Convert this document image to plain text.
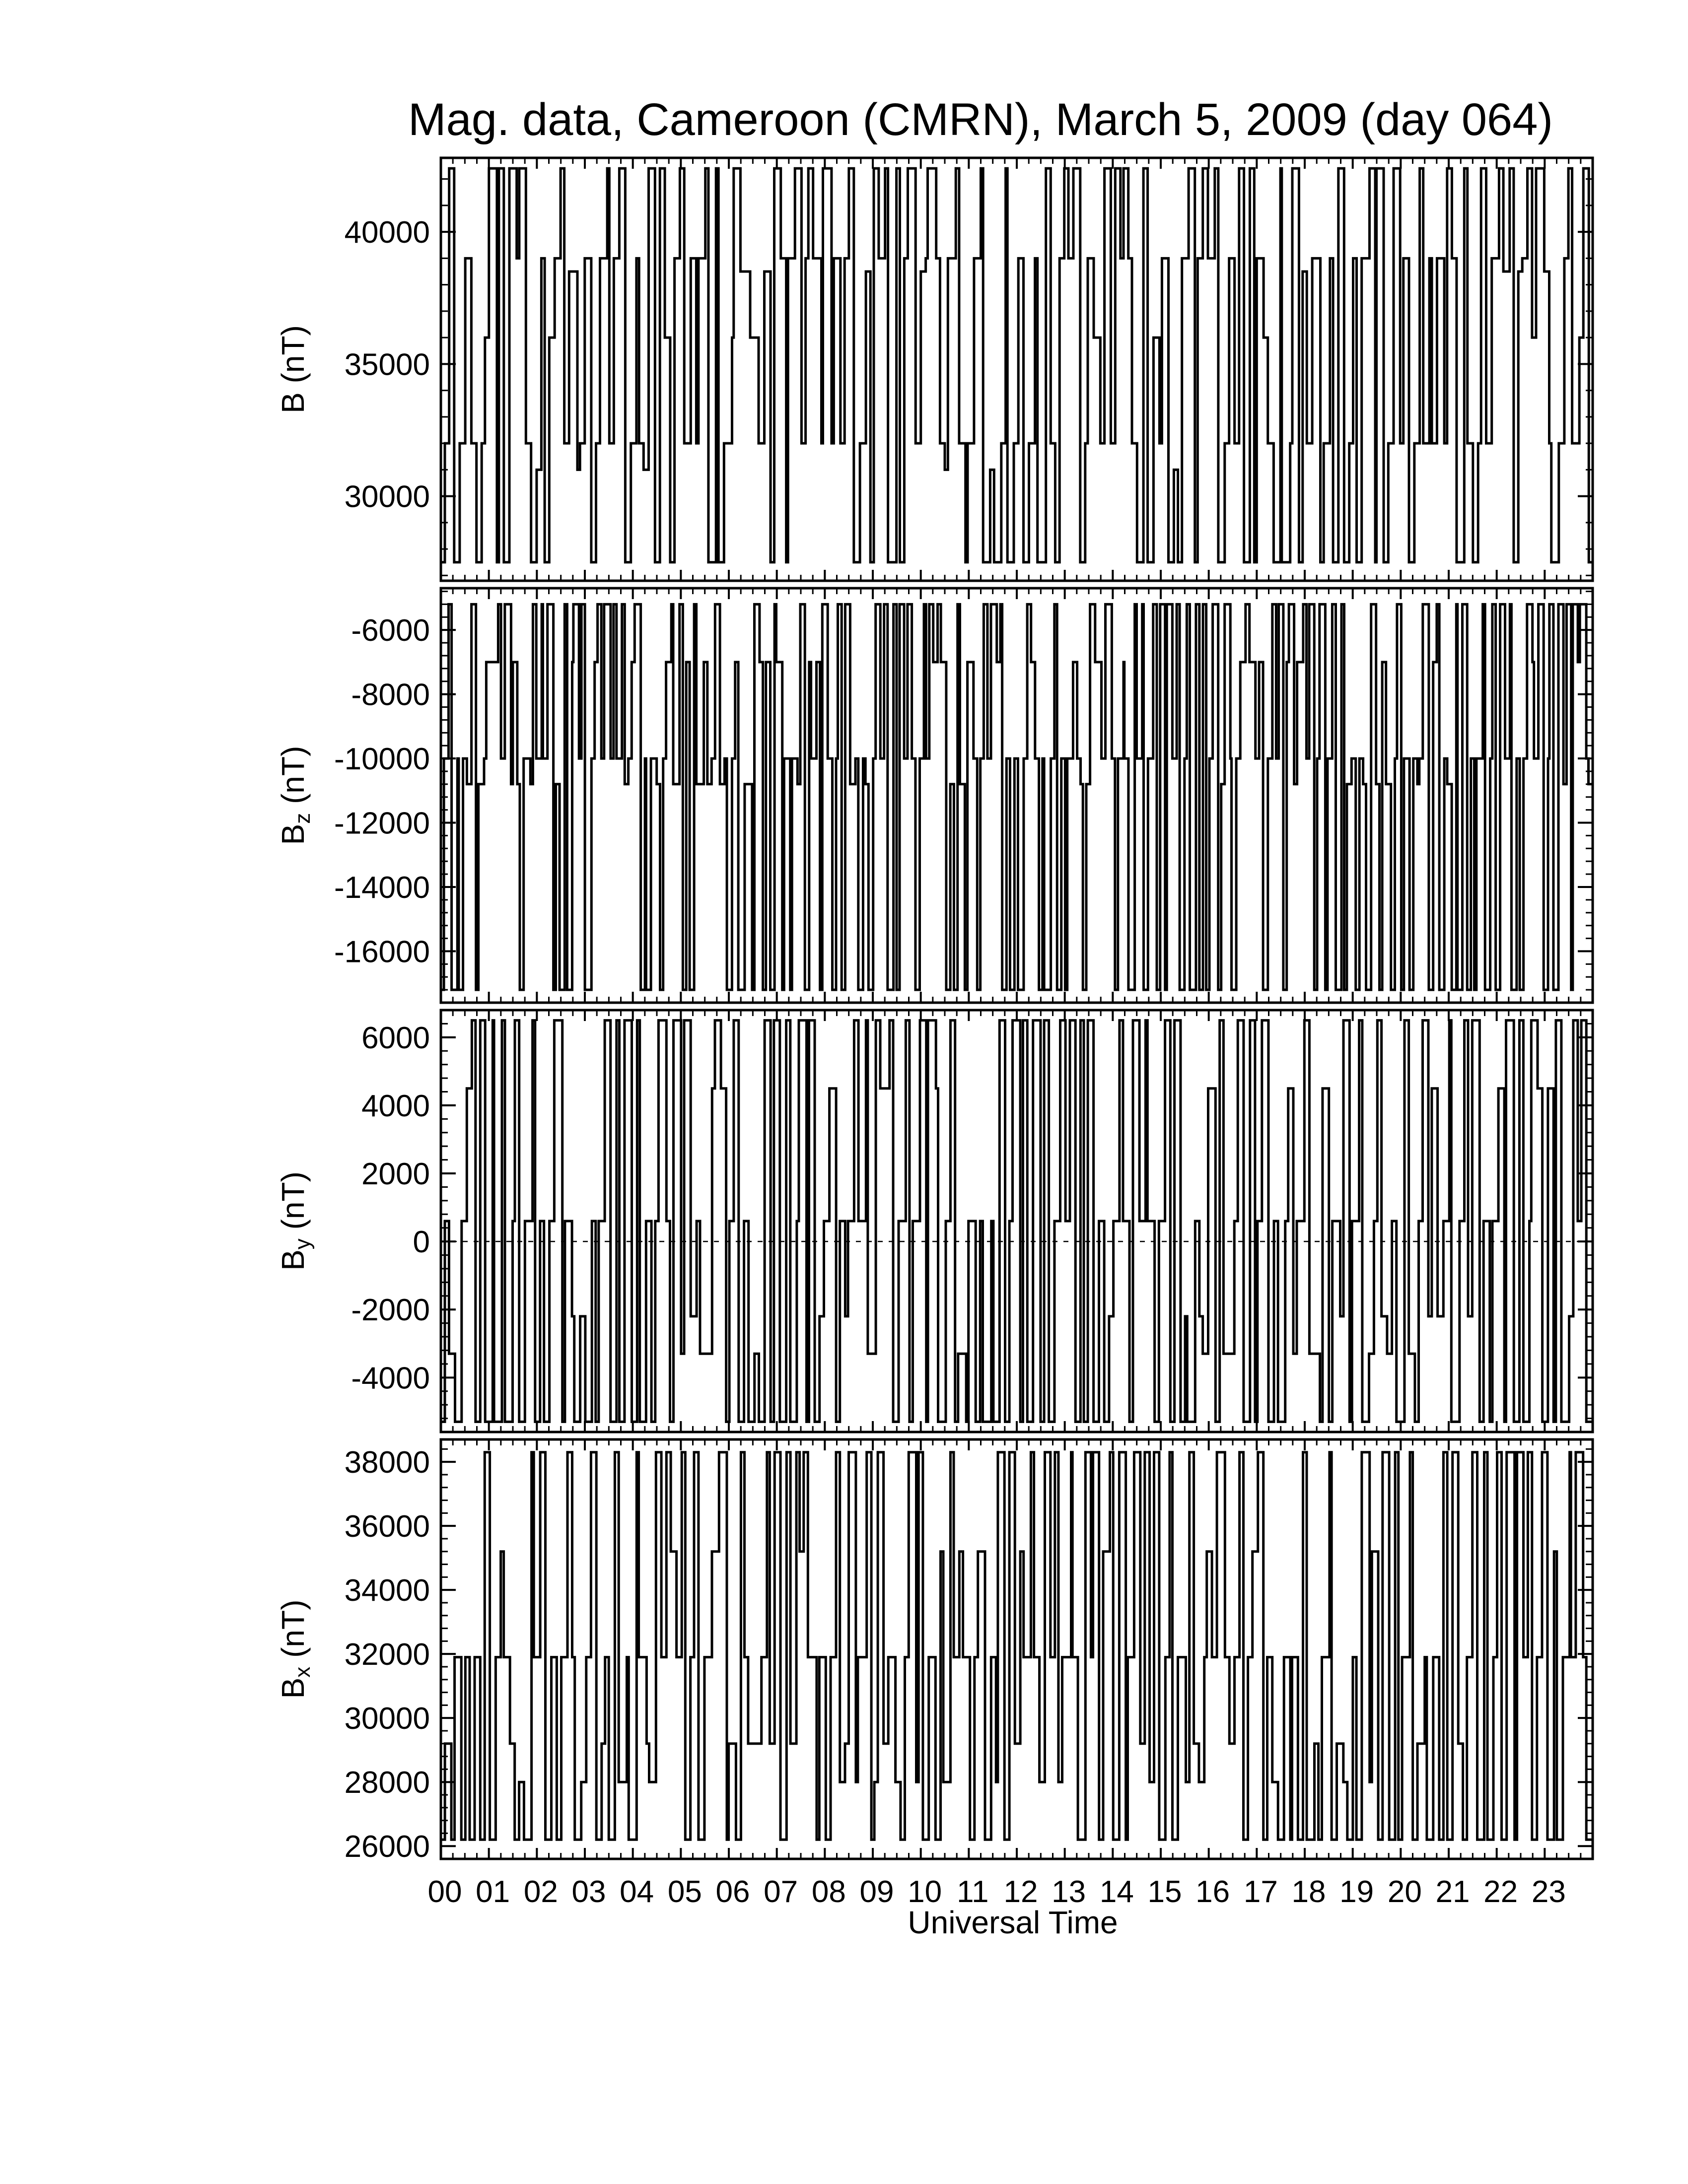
Mag. data, Cameroon (CMRN), March 5, 2009 (day 064)
30000
35000
40000
B (nT)
-16000
-14000
-12000
-10000
-8000
-6000
Bz (nT)
-4000
-2000
0
2000
4000
6000
By (nT)
26000
28000
30000
32000
34000
36000
38000
Bx (nT)
00 01 02 03 04 05 06 07 08 09 10 11 12 13 14 15 16 17 18 19 20 21 22 23
Universal Time
